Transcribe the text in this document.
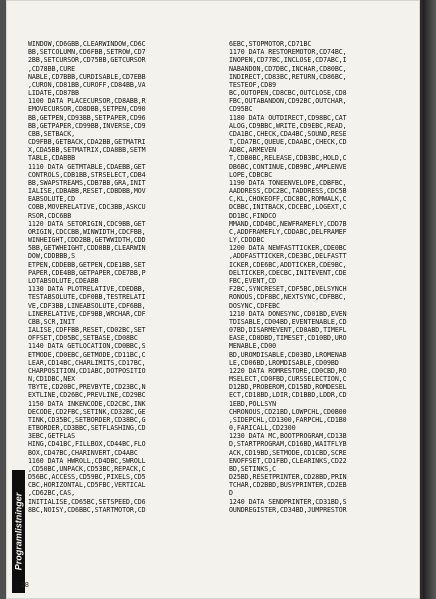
WINDOW,CD6GBB,CLEARWINDOW,CD6C
BB,SETCOLUMN,CD6FBB,SETROW,CD7
2BB,SETCURSOR,CD75BB,GETCURSOR
,CD78BB,CURE
NABLE,CD7BBB,CURDISABLE,CD7EBB
,CURON,CD81BB,CUROFF,CD84BB,VA
LIDATE,CD87BB
1100 DATA PLACECURSOR,CD8ABB,R
EMOVECURSOR,CD8DBB,SETPEN,CD90
BB,GETPEN,CD93BB,SETPAPER,CD96
BB,GETPAPER,CD99BB,INVERSE,CD9
CBB,SETBACK,
CD9FBB,GETBACK,CDA2BB,GETMATRI
X,CDA5BB,SETMATRIX,CDA8BB,SETM
TABLE,CDABBB
1110 DATA GETMTABLE,CDAEBB,GET
CONTROLS,CDB1BB,STRSELECT,CDB4
BB,SWAPSTREAMS,CDB7BB,GRA,INIT
IALISE,CDBABB,RESET,CDBDBB,MOV
EABSOLUTE,CD
COBB,MOVERELATIVE,CDC3BB,ASKCU
RSOR,CDC6BB
1120 DATA SETORIGIN,CDC9BB,GET
ORIGIN,CDCCBB,WINWIDTH,CDCFBB,
WINHEIGHT,CDD2BB,GETWWIDTH,CDD
5BB,GETWHEIGHT,CDD8BB,CLEARWIN
DOW,CDDBBB,S
ETPEN,CDDEBB,GETPEN,CDE1BB,SET
PAPER,CDE4BB,GETPAPER,CDE7BB,P
LOTABSOLUTE,CDEABB
1130 DATA PLOTRELATIVE,CDEDBB,
TESTABSOLUTE,CDF0BB,TESTRELATI
VE,CDF3BB,LINEABSOLUTE,CDF6BB,
LINERELATIVE,CDF9BB,WRCHAR,CDF
CBB,SCR,INIT
IALISE,CDFFBB,RESET,CD02BC,SET
OFFSET,CD05BC,SETBASE,CD08BC
1140 DATA GETLOCATION,CD0BBC,S
ETMODE,CD0EBC,GETMODE,CD11BC,C
LEAR,CD14BC,CHARLIMITS,CD17BC,
CHARPOSITION,CD1ABC,DOTPOSITIO
N,CD1DBC,NEX
TBYTE,CD20BC,PREVBYTE,CD23BC,N
EXTLINE,CD26BC,PREVLINE,CD29BC
1150 DATA INKENCODE,CD2CBC,INK
DECODE,CD2FBC,SETINK,CD32BC,GE
TINK,CD35BC,SETBORDER,CD38BC,G
ETBORDER,CD3BBC,SETFLASHING,CD
3EBC,GETFLAS
HING,CD41BC,FILLBOX,CD44BC,FLO
BOX,CD47BC,CHARINVERT,CD4ABC
1160 DATA HWROLL,CD4DBC,SWROLL
,CD50BC,UNPACK,CD53BC,REPACK,C
D56BC,ACCESS,CD59BC,PIXELS,CD5
CBC,HORIZONTAL,CD5FBC,VERTICAL
,CD62BC,CAS,
INITIALISE,CD65BC,SETSPEED,CD6
8BC,NOISY,CD6BBC,STARTMOTOR,CD
6EBC,STOPMOTOR,CD71BC
1170 DATA RESTOREMOTOR,CD74BC,
INOPEN,CD77BC,INCLOSE,CD7ABC,I
NABANDON,CD7DBC,INCHAR,CD80BC,
INDIRECT,CD83BC,RETURN,CD86BC,
TESTEOF,CD89
BC,OUTOPEN,CD8CBC,OUTCLOSE,CD8
FBC,OUTABANDON,CD92BC,OUTCHAR,
CD95BC
1180 DATA OUTDIRECT,CD98BC,CAT
ALOG,CD9BBC,WRITE,CD9EBC,READ,
CDA1BC,CHECK,CDA4BC,SOUND,RESE
T,CDA7BC,QUEUE,CDAABC,CHECK,CD
ADBC,ARMEVEN
T,CDB0BC,RELEASE,CDB3BC,HOLD,C
DB6BC,CONTINUE,CDB9BC,AMPLENVE
LOPE,CDBCBC
1190 DATA TONEENVELOPE,CDBFBC,
AADDRESS,CDC2BC,TADDRESS,CDC5B
C,KL,CHOKEOFF,CDC8BC,ROMWALK,C
DCBBC,INITBACK,CDCEBC,LOGEXT,C
DD1BC,FINDCO
MMAND,CDD4BC,NEWFRAMEFLY,CDD7B
C,ADDFRAMEFLY,CDDABC,DELFRAMEF
LY,CDDDBC
1200 DATA NEWFASTTICKER,CDE0BC
,ADDFASTTICKER,CDE3BC,DELFASTT
ICKER,CDE6BC,ADDTICKER,CDE9BC,
DELTICKER,CDECBC,INITEVENT,CDE
FBC,EVENT,CD
F2BC,SYNCRESET,CDF5BC,DELSYNCH
RONOUS,CDF8BC,NEXTSYNC,CDFBBC,
DOSYNC,CDFEBC
1210 DATA DONESYNC,CD01BD,EVEN
TDISABLE,CD04BD,EVENTENABLE,CD
07BD,DISARMEVENT,CD0ABD,TIMEFL
EASE,CD0DBD,TIMESET,CD10BD,URO
MENABLE,CD00
BD,UROMDISABLE,CD03BD,LROMENAB
LE,CD06BD,LROMDISABLE,CD09BD
1220 DATA ROMRESTORE,CD0CBD,RO
MSELECT,CD0FBD,CURSSELECTION,C
D12BD,PROBEROM,CD15BD,ROMDESEL
ECT,CD18BD,LDIR,CD1BBD,LDDR,CD
1EBD,POLLSYN
CHRONOUS,CD21BD,LOWPCHL,CD0B00
,SIDEPCHL,CD1300,FARPCHL,CD1B0
0,FARICALL,CD2300
1230 DATA MC,BOOTPROGRAM,CD13B
D,STARTPROGRAM,CD16BD,WAITFLYB
ACK,CD19BD,SETMODE,CD1CBD,SCRE
ENOFFSET,CD1FBD,CLEARINKS,CD22
BD,SETINKS,C
D25BD,RESETPRINTER,CD28BD,PRIN
TCHAR,CD2BBD,BUSYPRINTER,CD2EB
D
1240 DATA SENDPRINTER,CD31BD,S
OUNDREGISTER,CD34BD,JUMPRESTOR
Programlistninger
28
